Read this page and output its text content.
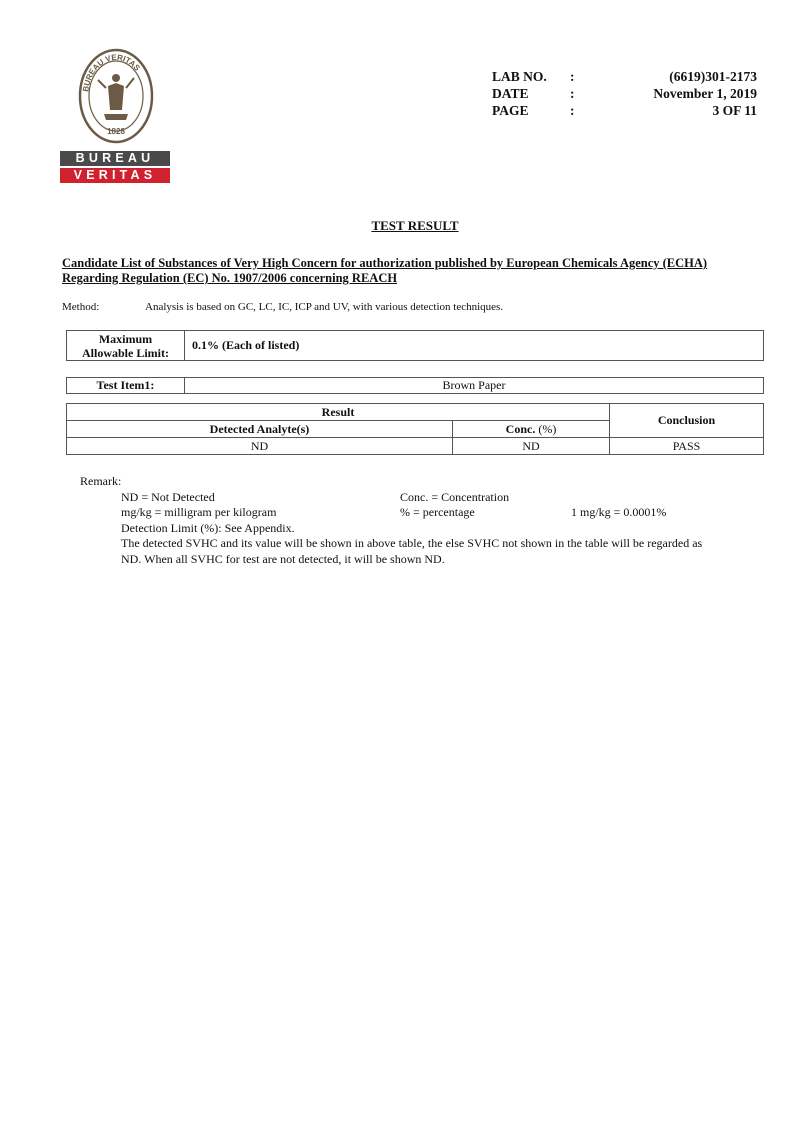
BUREAU VERITAS
1828
BUREAU
VERITAS
LAB NO. :	(6619)301-2173
DATE	:	November 1, 2019
PAGE	:	3 OF 11
TEST RESULT
Candidate List of Substances of Very High Concern for authorization published by European Chemicals Agency (ECHA) Regarding Regulation (EC) No. 1907/2006 concerning REACH
Method:	Analysis is based on GC, LC, IC, ICP and UV, with various detection techniques.
Maximum
Allowable Limit:
	0.1% (Each of listed)
Test Item1:	Brown Paper
Result		Conclusion
Detected Analyte(s)	Conc. (%)	
ND	ND	PASS
Remark:
ND = Not Detected	Conc. = Concentration
mg/kg = milligram per kilogram	% = percentage	1 mg/kg = 0.0001%
Detection Limit (%): See Appendix.
The detected SVHC and its value will be shown in above table, the else SVHC not shown in the table will be regarded as ND. When all SVHC for test are not detected, it will be shown ND.
